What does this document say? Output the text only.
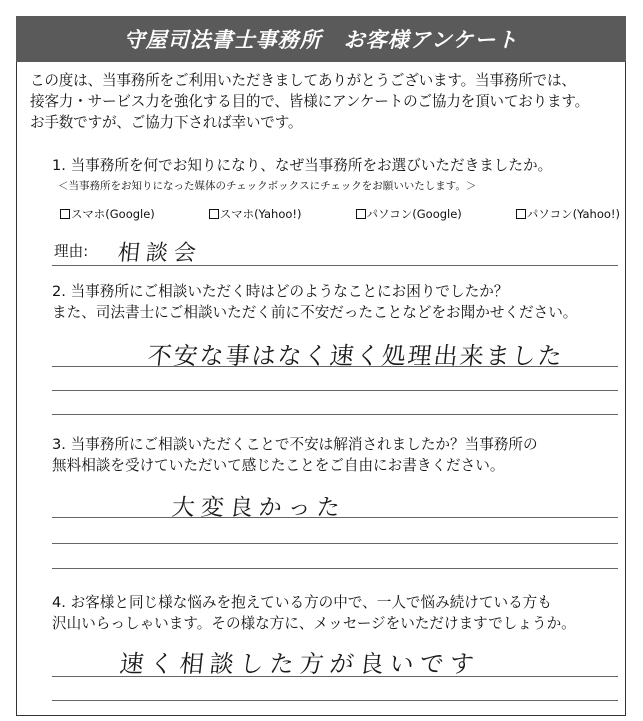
守屋司法書士事務所　お客様アンケート
この度は、当事務所をご利用いただきましてありがとうございます。当事務所では、
接客力・サービス力を強化する目的で、皆様にアンケートのご協力を頂いております。
お手数ですが、ご協力下されば幸いです。
1. 当事務所を何でお知りになり、なぜ当事務所をお選びいただきましたか。
＜当事務所をお知りになった媒体のチェックボックスにチェックをお願いいたします。＞
スマホ(Google)	スマホ(Yahoo!)	パソコン(Google)	パソコン(Yahoo!)
理由: 相談会
2. 当事務所にご相談いただく時はどのようなことにお困りでしたか？
また、司法書士にご相談いただく前に不安だったことなどをお聞かせください。
不安な事はなく速く処理出来ました
3. 当事務所にご相談いただくことで不安は解消されましたか？当事務所の
無料相談を受けていただいて感じたことをご自由にお書きください。
大変良かった
4. お客様と同じ様な悩みを抱えている方の中で、一人で悩み続けている方も
沢山いらっしゃいます。その様な方に、メッセージをいただけますでしょうか。
速く相談した方が良いです
